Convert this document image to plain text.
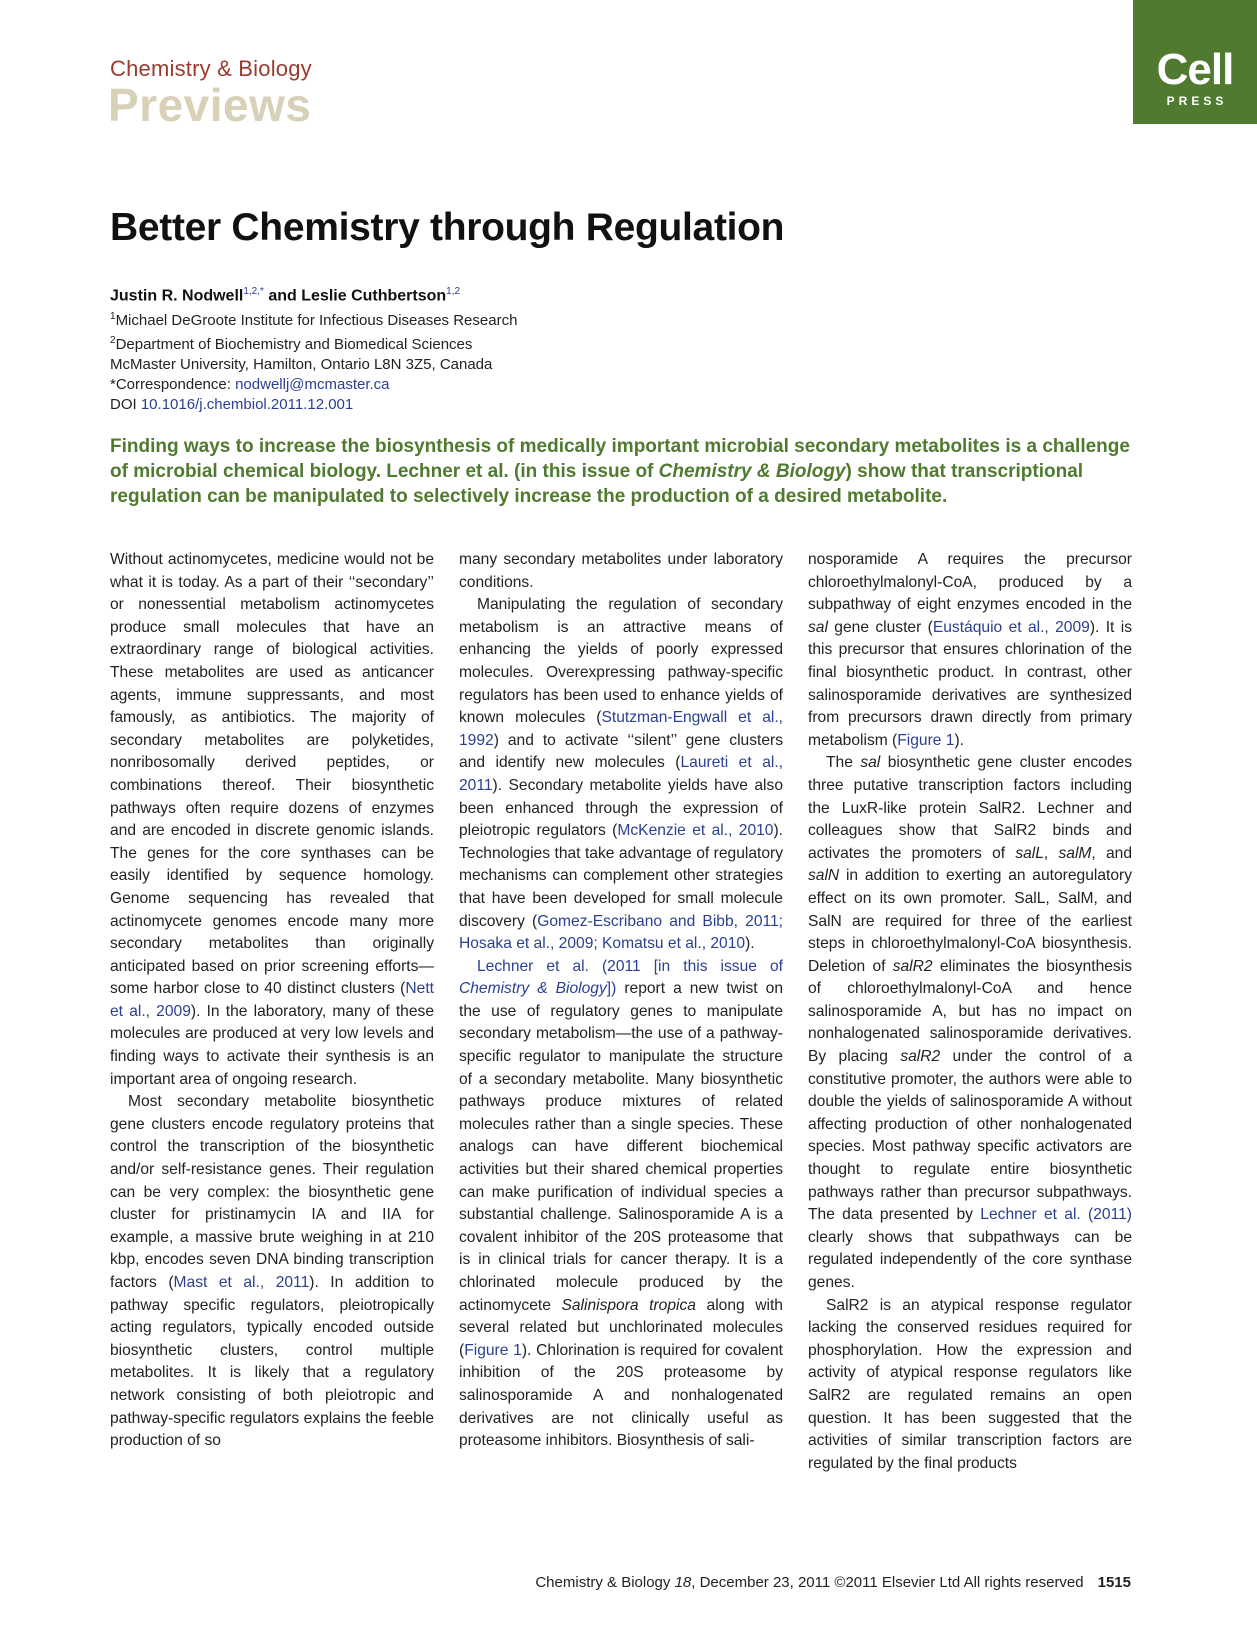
Chemistry & Biology
Previews
Cell
PRESS
Better Chemistry through Regulation
Justin R. Nodwell$^{1,2,*}$ and Leslie Cuthbertson$^{1,2}$
$^1$Michael DeGroote Institute for Infectious Diseases Research
$^2$Department of Biochemistry and Biomedical Sciences
McMaster University, Hamilton, Ontario L8N 3Z5, Canada
*Correspondence: nodwellj@mcmaster.ca
DOI 10.1016/j.chembiol.2011.12.001
Finding ways to increase the biosynthesis of medically important microbial secondary metabolites is a challenge of microbial chemical biology. Lechner et al. (in this issue of Chemistry & Biology) show that transcriptional regulation can be manipulated to selectively increase the production of a desired metabolite.

Without actinomycetes, medicine would not be what it is today. As a part of their ‘‘secondary’’ or nonessential metabolism actinomycetes produce small molecules that have an extraordinary range of biological activities. These metabolites are used as anticancer agents, immune suppressants, and most famously, as antibiotics. The majority of secondary metabolites are polyketides, nonribosomally derived peptides, or combinations thereof. Their biosynthetic pathways often require dozens of enzymes and are encoded in discrete genomic islands. The genes for the core synthases can be easily identified by sequence homology. Genome sequencing has revealed that actinomycete genomes encode many more secondary metabolites than originally anticipated based on prior screening efforts—some harbor close to 40 distinct clusters (Nett et al., 2009). In the laboratory, many of these molecules are produced at very low levels and finding ways to activate their synthesis is an important area of ongoing research.

Most secondary metabolite biosynthetic gene clusters encode regulatory proteins that control the transcription of the biosynthetic and/or self-resistance genes. Their regulation can be very complex: the biosynthetic gene cluster for pristinamycin IA and IIA for example, a massive brute weighing in at 210 kbp, encodes seven DNA binding transcription factors (Mast et al., 2011). In addition to pathway specific regulators, pleiotropically acting regulators, typically encoded outside biosynthetic clusters, control multiple metabolites. It is likely that a regulatory network consisting of both pleiotropic and pathway-specific regulators explains the feeble production of so

many secondary metabolites under laboratory conditions.

Manipulating the regulation of secondary metabolism is an attractive means of enhancing the yields of poorly expressed molecules. Overexpressing pathway-specific regulators has been used to enhance yields of known molecules (Stutzman-Engwall et al., 1992) and to activate ‘‘silent’’ gene clusters and identify new molecules (Laureti et al., 2011). Secondary metabolite yields have also been enhanced through the expression of pleiotropic regulators (McKenzie et al., 2010). Technologies that take advantage of regulatory mechanisms can complement other strategies that have been developed for small molecule discovery (Gomez-Escribano and Bibb, 2011; Hosaka et al., 2009; Komatsu et al., 2010).

Lechner et al. (2011 [in this issue of Chemistry & Biology]) report a new twist on the use of regulatory genes to manipulate secondary metabolism—the use of a pathway-specific regulator to manipulate the structure of a secondary metabolite. Many biosynthetic pathways produce mixtures of related molecules rather than a single species. These analogs can have different biochemical activities but their shared chemical properties can make purification of individual species a substantial challenge. Salinosporamide A is a covalent inhibitor of the 20S proteasome that is in clinical trials for cancer therapy. It is a chlorinated molecule produced by the actinomycete Salinispora tropica along with several related but unchlorinated molecules (Figure 1). Chlorination is required for covalent inhibition of the 20S proteasome by salinosporamide A and nonhalogenated derivatives are not clinically useful as proteasome inhibitors. Biosynthesis of sali-

nosporamide A requires the precursor chloroethylmalonyl-CoA, produced by a subpathway of eight enzymes encoded in the sal gene cluster (Eustáquio et al., 2009). It is this precursor that ensures chlorination of the final biosynthetic product. In contrast, other salinosporamide derivatives are synthesized from precursors drawn directly from primary metabolism (Figure 1).

The sal biosynthetic gene cluster encodes three putative transcription factors including the LuxR-like protein SalR2. Lechner and colleagues show that SalR2 binds and activates the promoters of salL, salM, and salN in addition to exerting an autoregulatory effect on its own promoter. SalL, SalM, and SalN are required for three of the earliest steps in chloroethylmalonyl-CoA biosynthesis. Deletion of salR2 eliminates the biosynthesis of chloroethylmalonyl-CoA and hence salinosporamide A, but has no impact on nonhalogenated salinosporamide derivatives. By placing salR2 under the control of a constitutive promoter, the authors were able to double the yields of salinosporamide A without affecting production of other nonhalogenated species. Most pathway specific activators are thought to regulate entire biosynthetic pathways rather than precursor subpathways. The data presented by Lechner et al. (2011) clearly shows that subpathways can be regulated independently of the core synthase genes.

SalR2 is an atypical response regulator lacking the conserved residues required for phosphorylation. How the expression and activity of atypical response regulators like SalR2 are regulated remains an open question. It has been suggested that the activities of similar transcription factors are regulated by the final products

Chemistry & Biology 18, December 23, 2011 ©2011 Elsevier Ltd All rights reserved 1515
